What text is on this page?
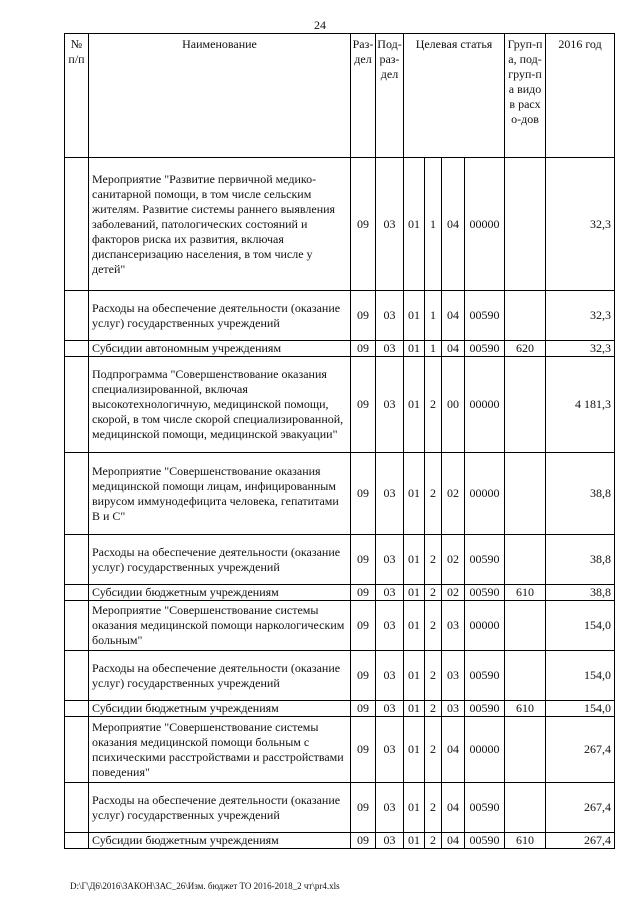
24
№ п/п	Наименование	Раз-дел	Под-раз-дел	Целевая статья				Груп-па, под-груп-па видов расхо-дов	2016 год
	Мероприятие "Развитие первичной медико-санитарной помощи, в том числе сельским жителям. Развитие системы раннего выявления заболеваний, патологических состояний и факторов риска их развития, включая диспансеризацию населения, в том числе у детей"	09	03	01	1	04	00000		32,3
	Расходы на обеспечение деятельности (оказание услуг) государственных учреждений	09	03	01	1	04	00590		32,3
	Субсидии автономным учреждениям	09	03	01	1	04	00590	620	32,3
	Подпрограмма "Совершенствование оказания специализированной, включая высокотехнологичную, медицинской помощи, скорой, в том числе скорой специализированной, медицинской помощи, медицинской эвакуации"	09	03	01	2	00	00000		4 181,3
	Мероприятие "Совершенствование оказания медицинской помощи лицам, инфицированным вирусом иммунодефицита человека, гепатитами В и С"	09	03	01	2	02	00000		38,8
	Расходы на обеспечение деятельности (оказание услуг) государственных учреждений	09	03	01	2	02	00590		38,8
	Субсидии бюджетным учреждениям	09	03	01	2	02	00590	610	38,8
	Мероприятие "Совершенствование системы оказания медицинской помощи наркологическим больным"	09	03	01	2	03	00000		154,0
	Расходы на обеспечение деятельности (оказание услуг) государственных учреждений	09	03	01	2	03	00590		154,0
	Субсидии бюджетным учреждениям	09	03	01	2	03	00590	610	154,0
	Мероприятие "Совершенствование системы оказания медицинской помощи больным с психическими расстройствами и расстройствами поведения"	09	03	01	2	04	00000		267,4
	Расходы на обеспечение деятельности (оказание услуг) государственных учреждений	09	03	01	2	04	00590		267,4
	Субсидии бюджетным учреждениям	09	03	01	2	04	00590	610	267,4
D:\Г\Д6\2016\ЗАКОН\ЗАС_26\Изм. бюджет ТО 2016-2018_2 чт\pr4.xls
